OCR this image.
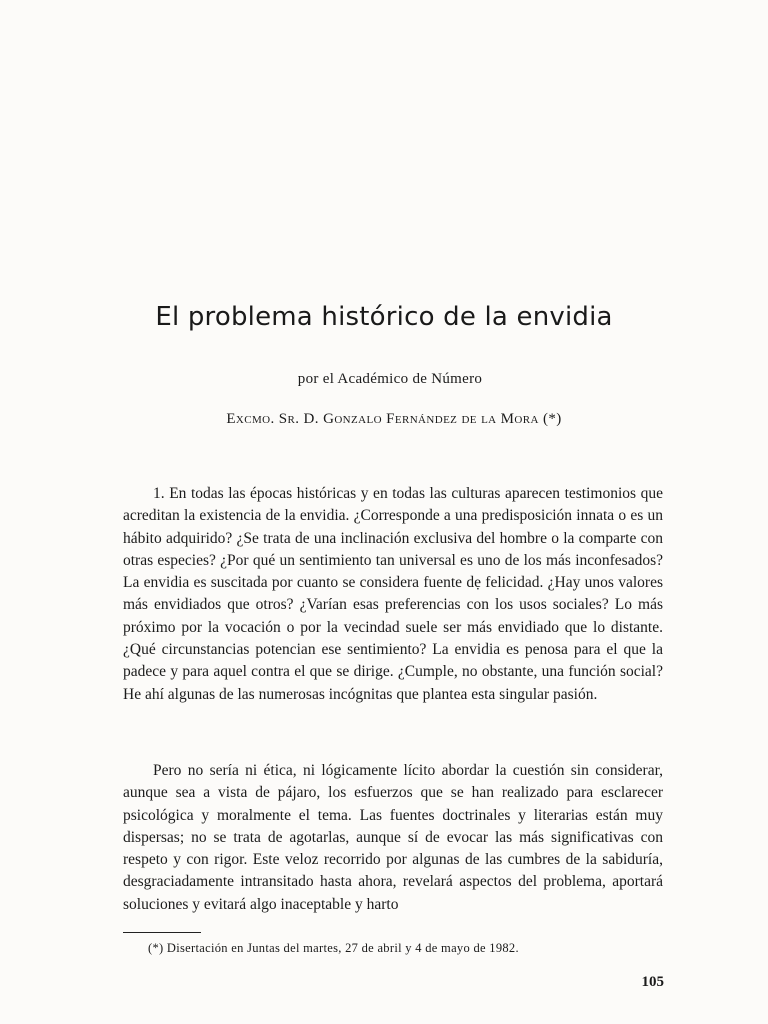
El problema histórico de la envidia

por el Académico de Número

Excmo. Sr. D. Gonzalo Fernández de la Mora (*)

1. En todas las épocas históricas y en todas las culturas aparecen testimonios que acreditan la existencia de la envidia. ¿Corresponde a una predisposición innata o es un hábito adquirido? ¿Se trata de una inclinación exclusiva del hombre o la comparte con otras especies? ¿Por qué un sentimiento tan universal es uno de los más inconfesados? La envidia es suscitada por cuanto se considera fuente dẹ felicidad. ¿Hay unos valores más envidiados que otros? ¿Varían esas preferencias con los usos sociales? Lo más próximo por la vocación o por la vecindad suele ser más envidiado que lo distante. ¿Qué circunstancias potencian ese sentimiento? La envidia es penosa para el que la padece y para aquel contra el que se dirige. ¿Cumple, no obstante, una función social? He ahí algunas de las numerosas incógnitas que plantea esta singular pasión.

Pero no sería ni ética, ni lógicamente lícito abordar la cuestión sin considerar, aunque sea a vista de pájaro, los esfuerzos que se han realizado para esclarecer psicológica y moralmente el tema. Las fuentes doctrinales y literarias están muy dispersas; no se trata de agotarlas, aunque sí de evocar las más significativas con respeto y con rigor. Este veloz recorrido por algunas de las cumbres de la sabiduría, desgraciadamente intransitado hasta ahora, revelará aspectos del problema, aportará soluciones y evitará algo inaceptable y harto

(*) Disertación en Juntas del martes, 27 de abril y 4 de mayo de 1982.

105
